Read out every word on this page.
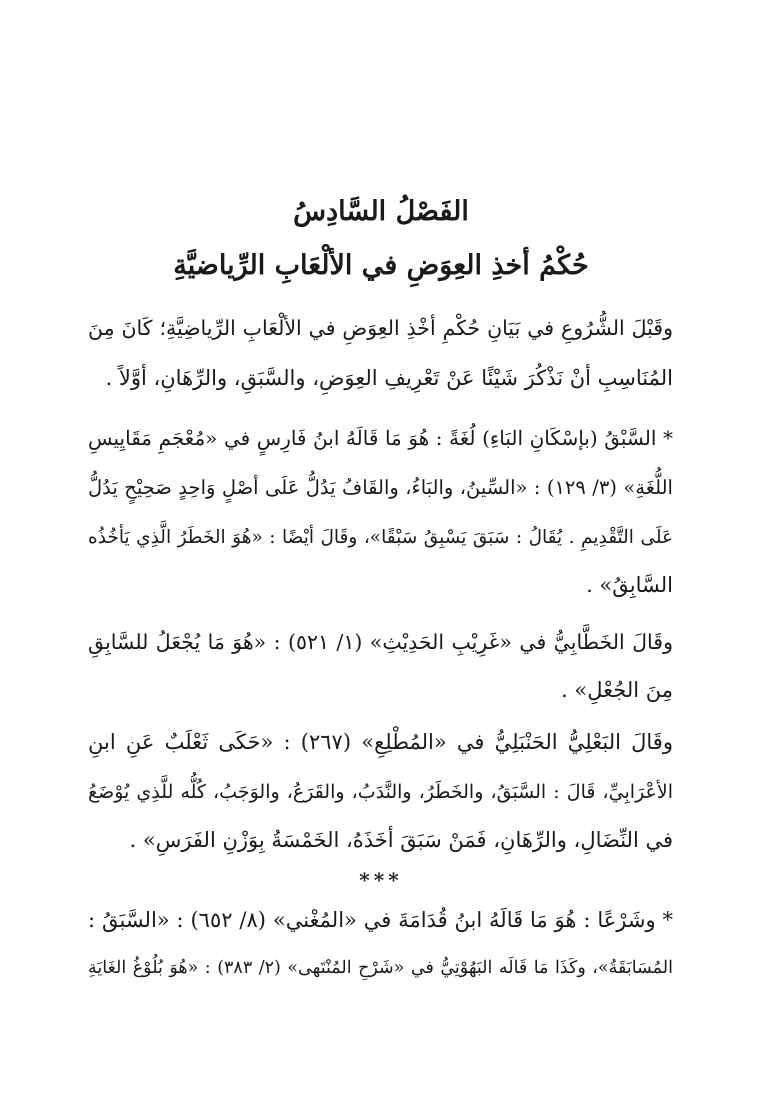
الفَصْلُ السَّادِسُ
حُكْمُ أخذِ العِوَضِ في الألْعَابِ الرِّياضيَّةِ
وقَبْلَ الشُّرُوعِ في بَيَانِ حُكْمِ أخْذِ العِوَضِ في الألْعَابِ الرِّياضِيَّةِ؛ كَانَ مِنَ
المُنَاسِبِ أنْ نَذْكُرَ شَيْئًا عَنْ تَعْرِيفِ العِوَضِ، والسَّبَقِ، والرِّهَانِ، أوَّلاً .
* السَّبْقُ (بإسْكَانِ البَاءِ) لُغَةً : هُوَ مَا قَالَهُ ابنُ فَارِسٍ في «مُعْجَمِ مَقَايِيسِ
اللُّغَةِ» (٣/ ١٢٩) : «السِّينُ، والبَاءُ، والقَافُ يَدُلُّ عَلَى أصْلٍ وَاحِدٍ صَحِيْحٍ يَدُلُّ
عَلَى التَّقْدِيمِ . يُقَالُ : سَبَقَ يَسْبِقُ سَبْقًا»، وقَالَ أيْضًا : «هُوَ الخَطَرُ الَّذِي يَأخُذُه
السَّابِقُ» .
وقَالَ الخَطَّابِيُّ في «غَرِيْبِ الحَدِيْثِ» (١/ ٥٢١) : «هُوَ مَا يُجْعَلُ للسَّابِقِ
مِنَ الجُعْلِ» .
وقَالَ البَعْلِيُّ الحَنْبَلِيُّ في «المُطْلِعِ» (٢٦٧) : «حَكَى ثَعْلَبٌ عَنِ ابنِ
الأعْرَابِيِّ، قَالَ : السَّبَقُ، والخَطَرُ، والنَّدَبُ، والقَرَعُ، والوَجَبُ، كُلُّه للَّذِي يُوْضَعُ
في النِّضَالِ، والرِّهَانِ، فَمَنْ سَبَقَ أخَذَهُ، الخَمْسَةُ بِوَزْنِ الفَرَسِ» .
***
* وشَرْعًا : هُوَ مَا قَالَهُ ابنُ قُدَامَةَ في «المُغْني» (٨/ ٦٥٢) : «السَّبَقُ :
المُسَابَقَةُ»، وكَذَا مَا قَالَه البَهُوْتِيُّ في «شَرْحِ المُنْتَهى» (٢/ ٣٨٣) : «هُوَ بُلُوْغُ الغَايَةِ
